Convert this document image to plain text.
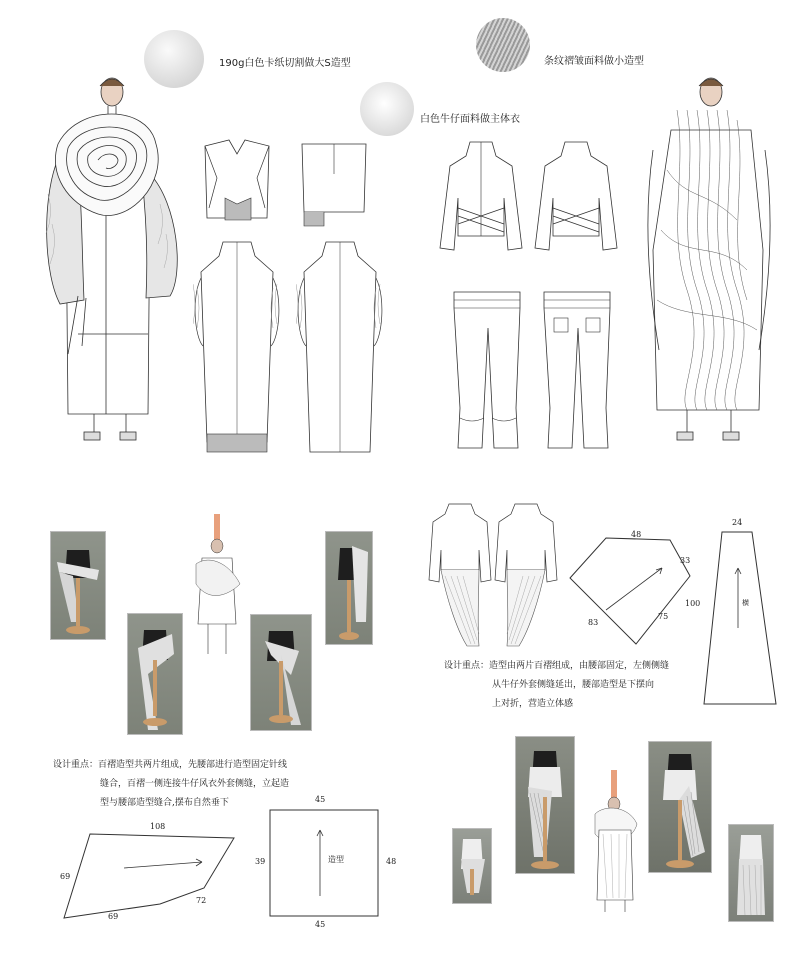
190g白色卡纸切割做大S造型	条纹褶皱面料做小造型
白色牛仔面料做主体衣
48
33
75
83
24
100	横
设计重点：造型由两片百褶组成，由腰部固定，左侧侧缝
从牛仔外套侧缝延出，腰部造型是下摆向
上对折，营造立体感
设计重点：百褶造型共两片组成，先腰部进行造型固定针线
缝合，百褶一侧连接牛仔风衣外套侧缝，立起造
型与腰部造型缝合,摆布自然垂下
108
69
69
72
45
39	48
45
造型
